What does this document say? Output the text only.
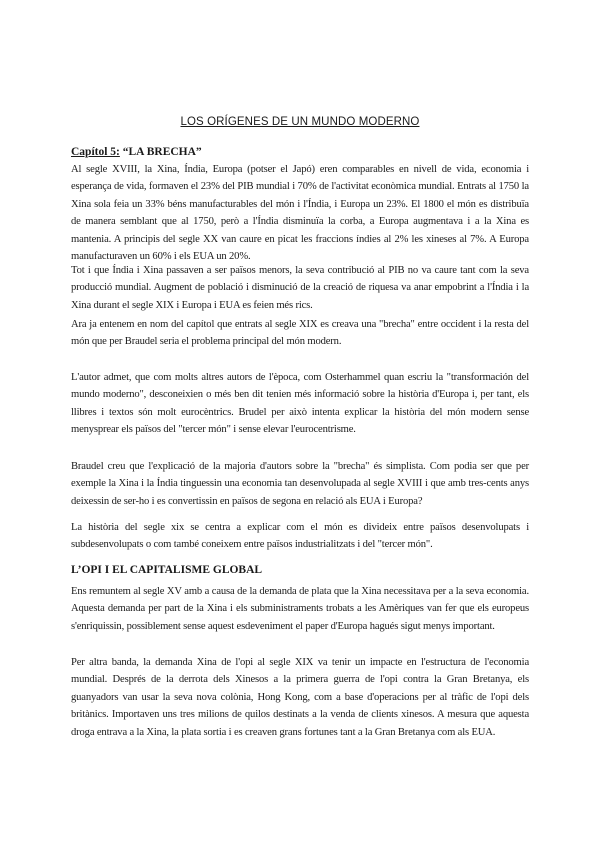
LOS ORÍGENES DE UN MUNDO MODERNO
Capítol 5: “LA BRECHA”

Al segle XVIII, la Xina, Índia, Europa (potser el Japó) eren comparables en nivell de vida, economia i esperança de vida, formaven el 23% del PIB mundial i 70% de l'activitat econòmica mundial. Entrats al 1750 la Xina sola feia un 33% béns manufacturables del món i l'Índia, i Europa un 23%. El 1800 el món es distribuïa de manera semblant que al 1750, però a l'Índia disminuïa la corba, a Europa augmentava i a la Xina es mantenia. A principis del segle XX van caure en picat les fraccions índies al 2% les xineses al 7%. A Europa manufacturaven un 60% i els EUA un 20%.

Tot i que Índia i Xina passaven a ser països menors, la seva contribució al PIB no va caure tant com la seva producció mundial. Augment de població i disminució de la creació de riquesa va anar empobrint a l'Índia i la Xina durant el segle XIX i Europa i EUA es feien més rics.

Ara ja entenem en nom del capítol que entrats al segle XIX es creava una "brecha" entre occident i la resta del món que per Braudel seria el problema principal del món modern.

L'autor admet, que com molts altres autors de l'època, com Osterhammel quan escriu la "transformación del mundo moderno", desconeixien o més ben dit tenien més informació sobre la història d'Europa i, per tant, els llibres i textos són molt eurocèntrics. Brudel per això intenta explicar la història del món modern sense menysprear els països del "tercer món" i sense elevar l'eurocentrisme.

Braudel creu que l'explicació de la majoria d'autors sobre la "brecha" és simplista. Com podia ser que per exemple la Xina i la Índia tinguessin una economia tan desenvolupada al segle XVIII i que amb tres-cents anys deixessin de ser-ho i es convertissin en països de segona en relació als EUA i Europa?

La història del segle xix se centra a explicar com el món es divideix entre països desenvolupats i subdesenvolupats o com també coneixem entre països industrialitzats i del "tercer món".

L’OPI I EL CAPITALISME GLOBAL

Ens remuntem al segle XV amb a causa de la demanda de plata que la Xina necessitava per a la seva economia. Aquesta demanda per part de la Xina i els subministraments trobats a les Amèriques van fer que els europeus s'enriquissin, possiblement sense aquest esdeveniment el paper d'Europa hagués sigut menys important.

Per altra banda, la demanda Xina de l'opi al segle XIX va tenir un impacte en l'estructura de l'economia mundial. Després de la derrota dels Xinesos a la primera guerra de l'opi contra la Gran Bretanya, els guanyadors van usar la seva nova colònia, Hong Kong, com a base d'operacions per al tràfic de l'opi dels britànics. Importaven uns tres milions de quilos destinats a la venda de clients xinesos. A mesura que aquesta droga entrava a la Xina, la plata sortia i es creaven grans fortunes tant a la Gran Bretanya com als EUA.
